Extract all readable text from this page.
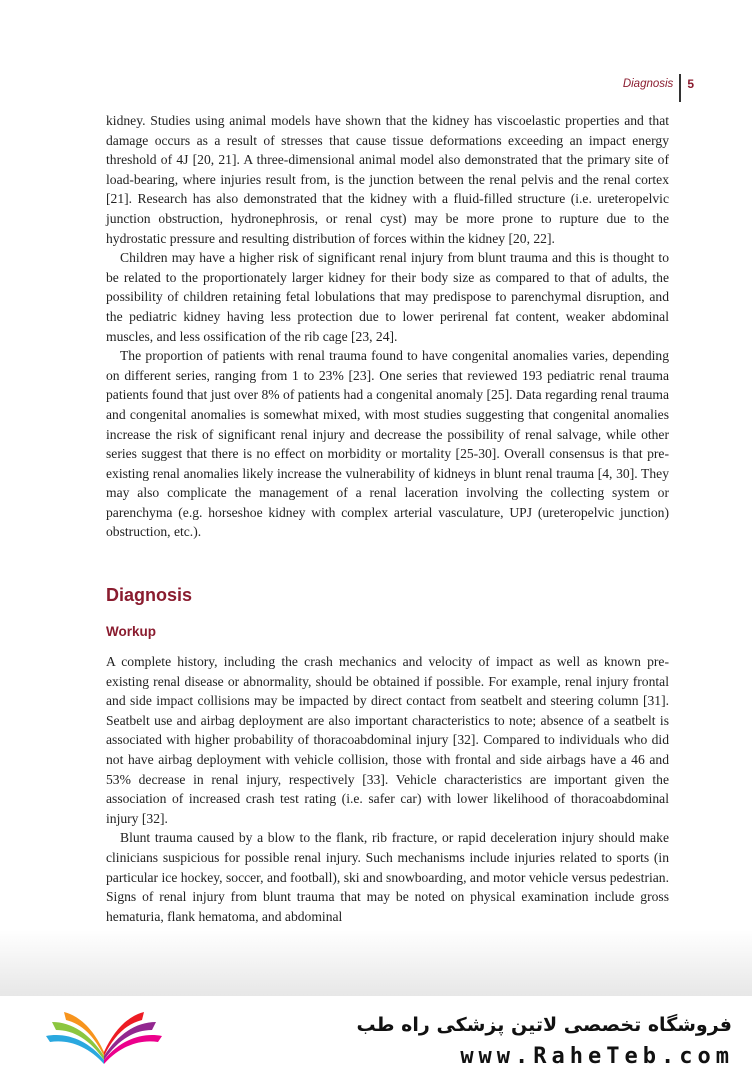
Diagnosis 5

kidney. Studies using animal models have shown that the kidney has viscoelastic properties and that damage occurs as a result of stresses that cause tissue deformations exceeding an impact energy threshold of 4J [20, 21]. A three-dimensional animal model also demonstrated that the primary site of load-bearing, where injuries result from, is the junction between the renal pelvis and the renal cortex [21]. Research has also demonstrated that the kidney with a fluid-filled structure (i.e. ureteropelvic junction obstruction, hydronephrosis, or renal cyst) may be more prone to rupture due to the hydrostatic pressure and resulting distribution of forces within the kidney [20, 22].

Children may have a higher risk of significant renal injury from blunt trauma and this is thought to be related to the proportionately larger kidney for their body size as compared to that of adults, the possibility of children retaining fetal lobulations that may predispose to parenchymal disruption, and the pediatric kidney having less protection due to lower perirenal fat content, weaker abdominal muscles, and less ossification of the rib cage [23, 24].

The proportion of patients with renal trauma found to have congenital anomalies varies, depending on different series, ranging from 1 to 23% [23]. One series that reviewed 193 pediatric renal trauma patients found that just over 8% of patients had a congenital anomaly [25]. Data regarding renal trauma and congenital anomalies is somewhat mixed, with most studies suggesting that congenital anomalies increase the risk of significant renal injury and decrease the possibility of renal salvage, while other series suggest that there is no effect on morbidity or mortality [25-30]. Overall consensus is that pre-existing renal anomalies likely increase the vulnerability of kidneys in blunt renal trauma [4, 30]. They may also complicate the management of a renal laceration involving the collecting system or parenchyma (e.g. horseshoe kidney with complex arterial vasculature, UPJ (ureteropelvic junction) obstruction, etc.).

Diagnosis
Workup

A complete history, including the crash mechanics and velocity of impact as well as known pre-existing renal disease or abnormality, should be obtained if possible. For example, renal injury frontal and side impact collisions may be impacted by direct contact from seatbelt and steering column [31]. Seatbelt use and airbag deployment are also important characteristics to note; absence of a seatbelt is associated with higher probability of thoracoabdominal injury [32]. Compared to individuals who did not have airbag deployment with vehicle collision, those with frontal and side airbags have a 46 and 53% decrease in renal injury, respectively [33]. Vehicle characteristics are important given the association of increased crash test rating (i.e. safer car) with lower likelihood of thoracoabdominal injury [32].

Blunt trauma caused by a blow to the flank, rib fracture, or rapid deceleration injury should make clinicians suspicious for possible renal injury. Such mechanisms include injuries related to sports (in particular ice hockey, soccer, and football), ski and snowboarding, and motor vehicle versus pedestrian. Signs of renal injury from blunt trauma that may be noted on physical examination include gross hematuria, flank hematoma, and abdominal

فروشگاه تخصصی لاتین پزشکی راه طب
www.RaheTeb.com
